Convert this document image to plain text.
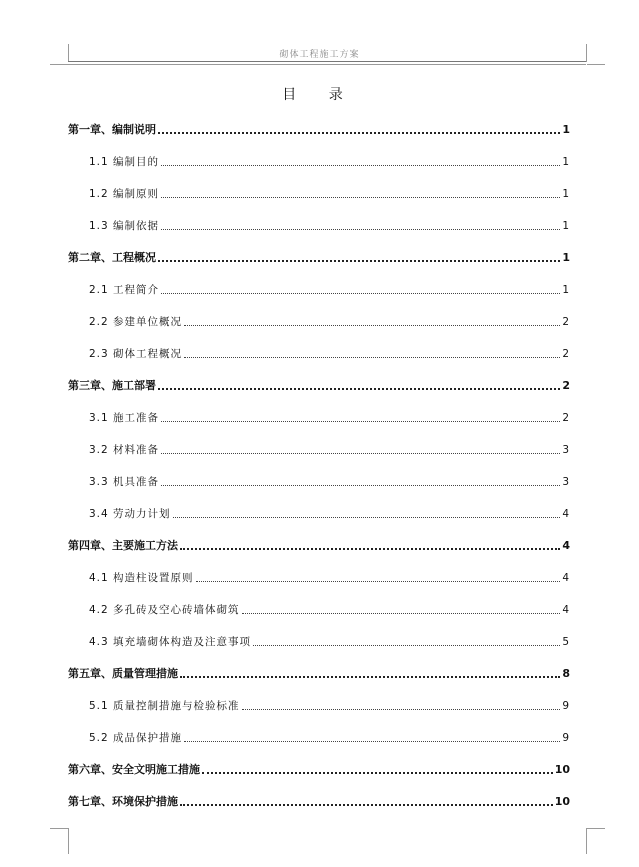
砌体工程施工方案
目 录
第一章、编制说明	1
1.1 编制目的	1
1.2 编制原则	1
1.3 编制依据	1
第二章、工程概况	1
2.1 工程简介	1
2.2 参建单位概况	2
2.3 砌体工程概况	2
第三章、施工部署	2
3.1 施工准备	2
3.2 材料准备	3
3.3 机具准备	3
3.4 劳动力计划	4
第四章、主要施工方法	4
4.1 构造柱设置原则	4
4.2 多孔砖及空心砖墙体砌筑	4
4.3 填充墙砌体构造及注意事项	5
第五章、质量管理措施	8
5.1 质量控制措施与检验标准	9
5.2 成品保护措施	9
第六章、安全文明施工措施	10
第七章、环境保护措施	10
